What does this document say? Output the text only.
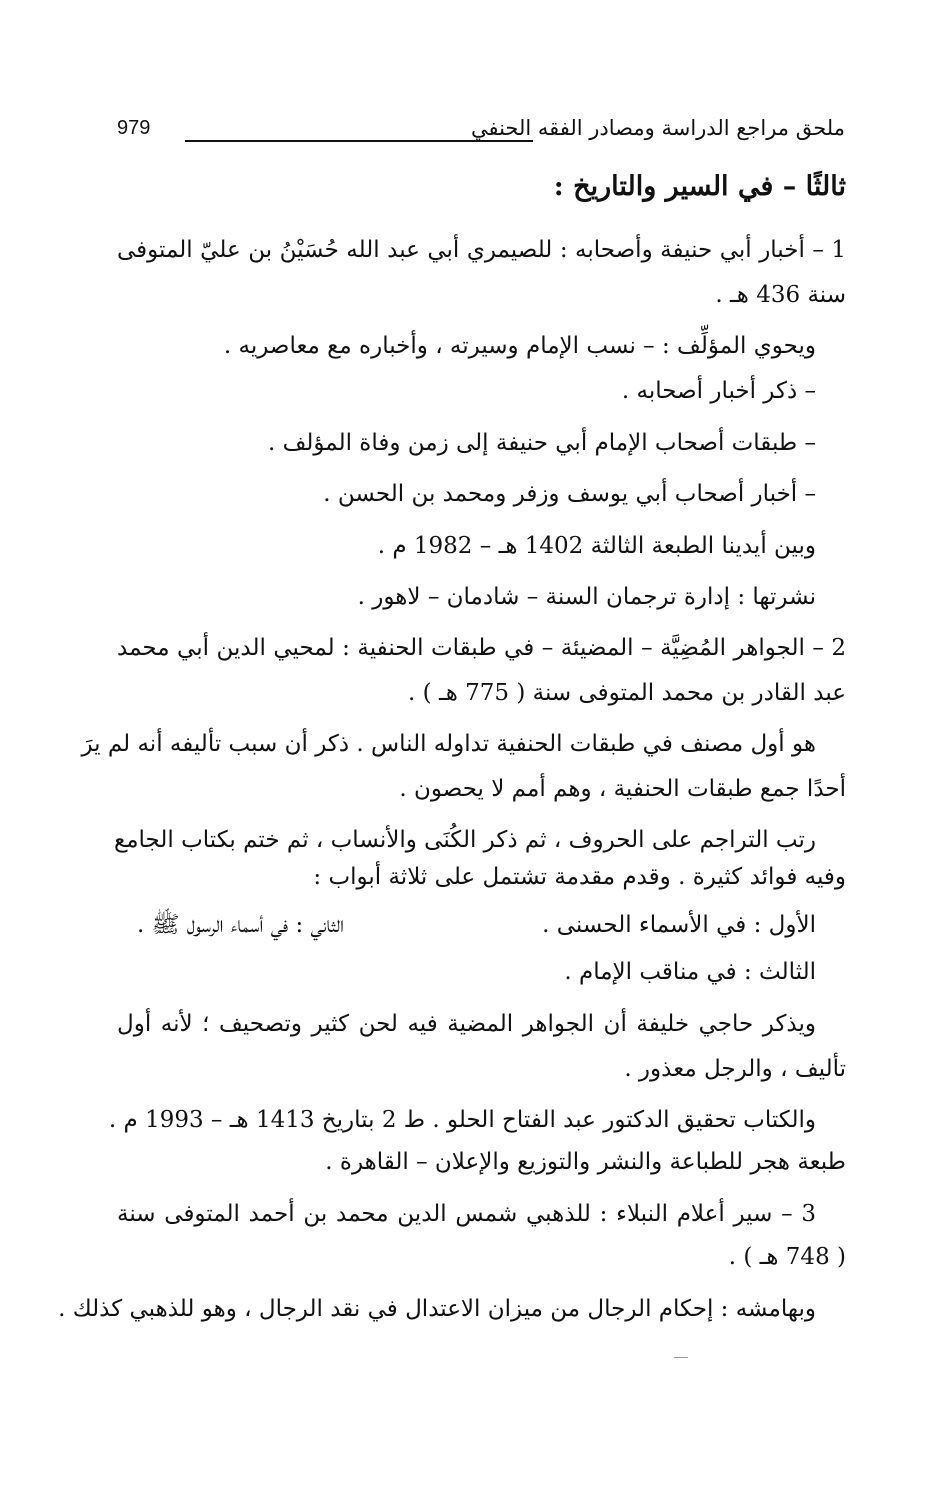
ملحق مراجع الدراسة ومصادر الفقه الحنفي
979
ثالثًا – في السير والتاريخ :
1 – أخبار أبي حنيفة وأصحابه : للصيمري أبي عبد الله حُسَيْنُ بن عليّ المتوفى
سنة 436 هـ .
ويحوي المؤلِّف : – نسب الإمام وسيرته ، وأخباره مع معاصريه .
– ذكر أخبار أصحابه .
– طبقات أصحاب الإمام أبي حنيفة إلى زمن وفاة المؤلف .
– أخبار أصحاب أبي يوسف وزفر ومحمد بن الحسن .
وبين أيدينا الطبعة الثالثة 1402 هـ – 1982 م .
نشرتها : إدارة ترجمان السنة – شادمان – لاهور .
2 – الجواهر المُضِيَّة – المضيئة – في طبقات الحنفية : لمحيي الدين أبي محمد
عبد القادر بن محمد المتوفى سنة ( 775 هـ ) .
هو أول مصنف في طبقات الحنفية تداوله الناس . ذكر أن سبب تأليفه أنه لم يرَ
أحدًا جمع طبقات الحنفية ، وهم أمم لا يحصون .
رتب التراجم على الحروف ، ثم ذكر الكُنَى والأنساب ، ثم ختم بكتاب الجامع
وفيه فوائد كثيرة . وقدم مقدمة تشتمل على ثلاثة أبواب :
الأول : في الأسماء الحسنى .
الثاني : في أسماء الرسول ﷺ .
الثالث : في مناقب الإمام .
ويذكر حاجي خليفة أن الجواهر المضية فيه لحن كثير وتصحيف ؛ لأنه أول
تأليف ، والرجل معذور .
والكتاب تحقيق الدكتور عبد الفتاح الحلو . ط 2 بتاريخ 1413 هـ – 1993 م .
طبعة هجر للطباعة والنشر والتوزيع والإعلان – القاهرة .
3 – سير أعلام النبلاء : للذهبي شمس الدين محمد بن أحمد المتوفى سنة
( 748 هـ ) .
وبهامشه : إحكام الرجال من ميزان الاعتدال في نقد الرجال ، وهو للذهبي كذلك .
